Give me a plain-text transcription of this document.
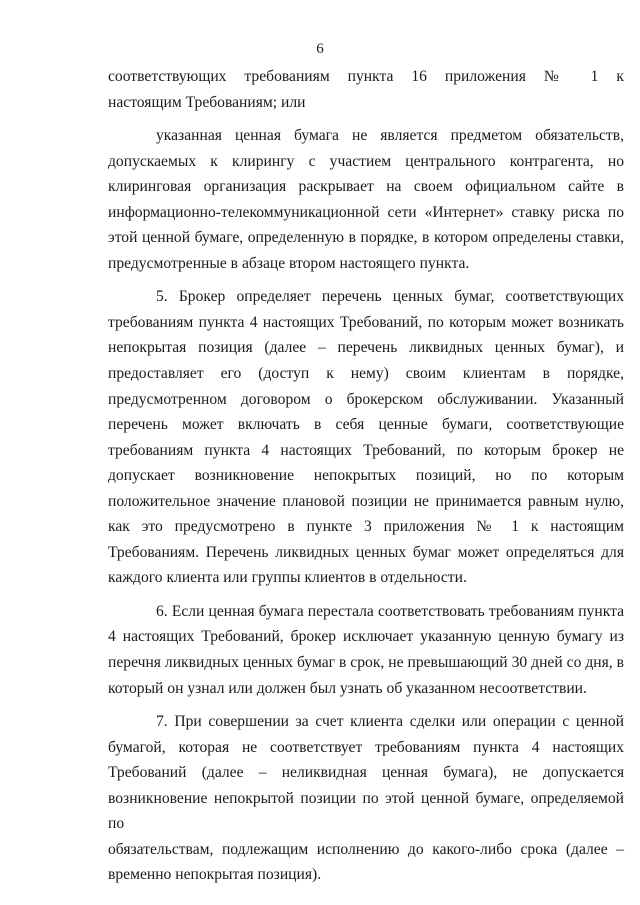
6

соответствующих требованиям пункта 16 приложения № 1 к
настоящим Требованиям; или

указанная ценная бумага не является предметом обязательств,
допускаемых к клирингу с участием центрального контрагента, но
клиринговая организация раскрывает на своем официальном сайте в
информационно-телекоммуникационной сети «Интернет» ставку риска по
этой ценной бумаге, определенную в порядке, в котором определены ставки,
предусмотренные в абзаце втором настоящего пункта.

5. Брокер определяет перечень ценных бумаг, соответствующих
требованиям пункта 4 настоящих Требований, по которым может возникать
непокрытая позиция (далее – перечень ликвидных ценных бумаг), и
предоставляет его (доступ к нему) своим клиентам в порядке,
предусмотренном договором о брокерском обслуживании. Указанный
перечень может включать в себя ценные бумаги, соответствующие
требованиям пункта 4 настоящих Требований, по которым брокер не
допускает возникновение непокрытых позиций, но по которым
положительное значение плановой позиции не принимается равным нулю,
как это предусмотрено в пункте 3 приложения № 1 к настоящим
Требованиям. Перечень ликвидных ценных бумаг может определяться для
каждого клиента или группы клиентов в отдельности.

6. Если ценная бумага перестала соответствовать требованиям пункта
4 настоящих Требований, брокер исключает указанную ценную бумагу из
перечня ликвидных ценных бумаг в срок, не превышающий 30 дней со дня, в
который он узнал или должен был узнать об указанном несоответствии.

7. При совершении за счет клиента сделки или операции с ценной
бумагой, которая не соответствует требованиям пункта 4 настоящих
Требований (далее – неликвидная ценная бумага), не допускается
возникновение непокрытой позиции по этой ценной бумаге, определяемой по
обязательствам, подлежащим исполнению до какого-либо срока (далее –
временно непокрытая позиция).
